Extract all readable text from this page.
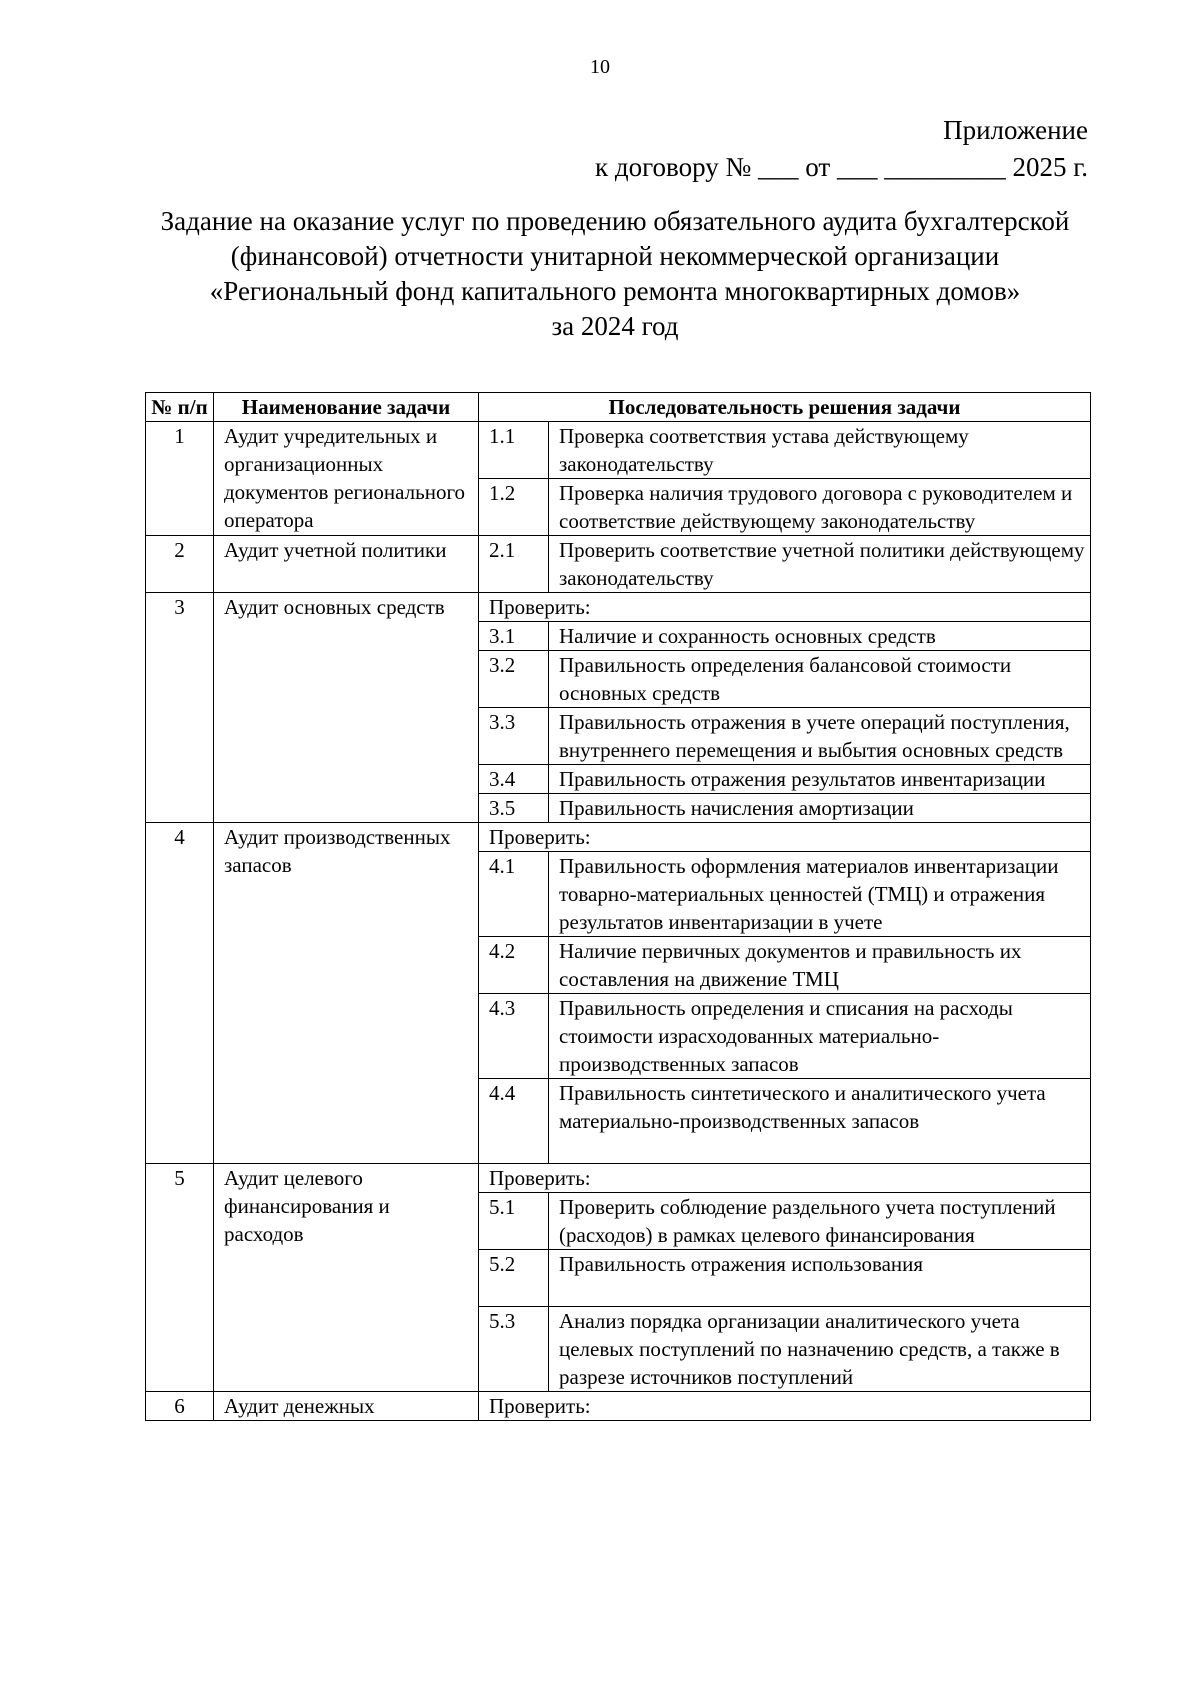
10
Приложение
к договору № ___ от ___ _________ 2025 г.
Задание на оказание услуг по проведению обязательного аудита бухгалтерской
(финансовой) отчетности унитарной некоммерческой организации
«Региональный фонд капитального ремонта многоквартирных домов»
за 2024 год
№ п/п	Наименование задачи	Последовательность решения задачи	
1	Аудит учредительных и организационных документов регионального оператора	1.1	Проверка соответствия устава действующему законодательству
		1.2	Проверка наличия трудового договора с руководителем и соответствие действующему законодательству
2	Аудит учетной политики	2.1	Проверить соответствие учетной политики действующему законодательству
3	Аудит основных средств	Проверить:	
		3.1	Наличие и сохранность основных средств
		3.2	Правильность определения балансовой стоимости основных средств
		3.3	Правильность отражения в учете операций поступления, внутреннего перемещения и выбытия основных средств
		3.4	Правильность отражения результатов инвентаризации
		3.5	Правильность начисления амортизации
4	Аудит производственных запасов	Проверить:	
		4.1	Правильность оформления материалов инвентаризации товарно-материальных ценностей (ТМЦ) и отражения результатов инвентаризации в учете
		4.2	Наличие первичных документов и правильность их составления на движение ТМЦ
		4.3	Правильность определения и списания на расходы стоимости израсходованных материально-производственных запасов
		4.4	Правильность синтетического и аналитического учета материально-производственных запасов

5	Аудит целевого финансирования и расходов	Проверить:	
		5.1	Проверить соблюдение раздельного учета поступлений (расходов) в рамках целевого финансирования
		5.2	Правильность отражения использования

		5.3	Анализ порядка организации аналитического учета целевых поступлений по назначению средств, а также в разрезе источников поступлений
6	Аудит денежных	Проверить:	
